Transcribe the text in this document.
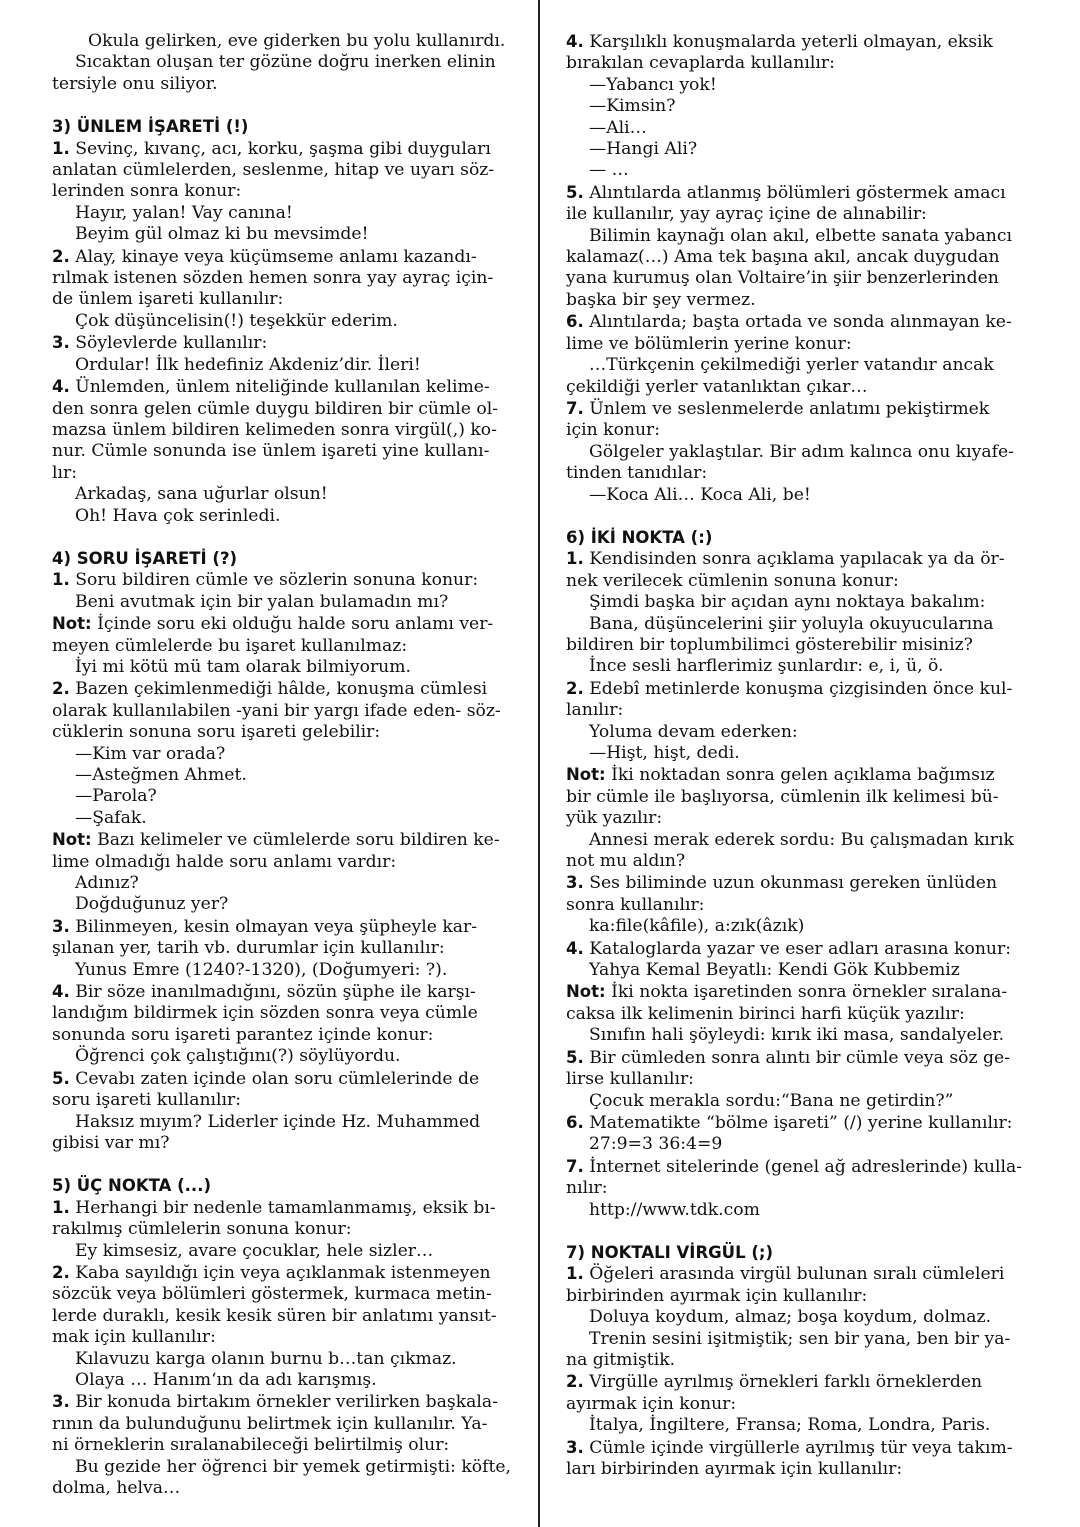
Okula gelirken, eve giderken bu yolu kullanırdı.
Sıcaktan oluşan ter gözüne doğru inerken elinin
tersiyle onu siliyor.
3) ÜNLEM İŞARETİ (!)
1. Sevinç, kıvanç, acı, korku, şaşma gibi duyguları
anlatan cümlelerden, seslenme, hitap ve uyarı söz-
lerinden sonra konur:
Hayır, yalan! Vay canına!
Beyim gül olmaz ki bu mevsimde!
2. Alay, kinaye veya küçümseme anlamı kazandı-
rılmak istenen sözden hemen sonra yay ayraç için-
de ünlem işareti kullanılır:
Çok düşüncelisin(!) teşekkür ederim.
3. Söylevlerde kullanılır:
Ordular! İlk hedefiniz Akdeniz’dir. İleri!
4. Ünlemden, ünlem niteliğinde kullanılan kelime-
den sonra gelen cümle duygu bildiren bir cümle ol-
mazsa ünlem bildiren kelimeden sonra virgül(,) ko-
nur. Cümle sonunda ise ünlem işareti yine kullanı-
lır:
Arkadaş, sana uğurlar olsun!
Oh! Hava çok serinledi.
4) SORU İŞARETİ (?)
1. Soru bildiren cümle ve sözlerin sonuna konur:
Beni avutmak için bir yalan bulamadın mı?
Not: İçinde soru eki olduğu halde soru anlamı ver-
meyen cümlelerde bu işaret kullanılmaz:
İyi mi kötü mü tam olarak bilmiyorum.
2. Bazen çekimlenmediği hâlde, konuşma cümlesi
olarak kullanılabilen -yani bir yargı ifade eden- söz-
cüklerin sonuna soru işareti gelebilir:
—Kim var orada?
—Asteğmen Ahmet.
—Parola?
—Şafak.
Not: Bazı kelimeler ve cümlelerde soru bildiren ke-
lime olmadığı halde soru anlamı vardır:
Adınız?
Doğduğunuz yer?
3. Bilinmeyen, kesin olmayan veya şüpheyle kar-
şılanan yer, tarih vb. durumlar için kullanılır:
Yunus Emre (1240?-1320), (Doğumyeri: ?).
4. Bir söze inanılmadığını, sözün şüphe ile karşı-
landığım bildirmek için sözden sonra veya cümle
sonunda soru işareti parantez içinde konur:
Öğrenci çok çalıştığını(?) söylüyordu.
5. Cevabı zaten içinde olan soru cümlelerinde de
soru işareti kullanılır:
Haksız mıyım? Liderler içinde Hz. Muhammed
gibisi var mı?
5) ÜÇ NOKTA (...)
1. Herhangi bir nedenle tamamlanmamış, eksik bı-
rakılmış cümlelerin sonuna konur:
Ey kimsesiz, avare çocuklar, hele sizler…
2. Kaba sayıldığı için veya açıklanmak istenmeyen
sözcük veya bölümleri göstermek, kurmaca metin-
lerde duraklı, kesik kesik süren bir anlatımı yansıt-
mak için kullanılır:
Kılavuzu karga olanın burnu b…tan çıkmaz.
Olaya … Hanım‘ın da adı karışmış.
3. Bir konuda birtakım örnekler verilirken başkala-
rının da bulunduğunu belirtmek için kullanılır. Ya-
ni örneklerin sıralanabileceği belirtilmiş olur:
Bu gezide her öğrenci bir yemek getirmişti: köfte,
dolma, helva…
4. Karşılıklı konuşmalarda yeterli olmayan, eksik
bırakılan cevaplarda kullanılır:
—Yabancı yok!
—Kimsin?
—Ali…
—Hangi Ali?
— …
5. Alıntılarda atlanmış bölümleri göstermek amacı
ile kullanılır, yay ayraç içine de alınabilir:
Bilimin kaynağı olan akıl, elbette sanata yabancı
kalamaz(…) Ama tek başına akıl, ancak duygudan
yana kurumuş olan Voltaire’in şiir benzerlerinden
başka bir şey vermez.
6. Alıntılarda; başta ortada ve sonda alınmayan ke-
lime ve bölümlerin yerine konur:
…Türkçenin çekilmediği yerler vatandır ancak
çekildiği yerler vatanlıktan çıkar…
7. Ünlem ve seslenmelerde anlatımı pekiştirmek
için konur:
Gölgeler yaklaştılar. Bir adım kalınca onu kıyafe-
tinden tanıdılar:
—Koca Ali… Koca Ali, be!
6) İKİ NOKTA (:)
1. Kendisinden sonra açıklama yapılacak ya da ör-
nek verilecek cümlenin sonuna konur:
Şimdi başka bir açıdan aynı noktaya bakalım:
Bana, düşüncelerini şiir yoluyla okuyucularına
bildiren bir toplumbilimci gösterebilir misiniz?
İnce sesli harflerimiz şunlardır: e, i, ü, ö.
2. Edebî metinlerde konuşma çizgisinden önce kul-
lanılır:
Yoluma devam ederken:
—Hişt, hişt, dedi.
Not: İki noktadan sonra gelen açıklama bağımsız
bir cümle ile başlıyorsa, cümlenin ilk kelimesi bü-
yük yazılır:
Annesi merak ederek sordu: Bu çalışmadan kırık
not mu aldın?
3. Ses biliminde uzun okunması gereken ünlüden
sonra kullanılır:
ka:file(kâfile), a:zık(âzık)
4. Kataloglarda yazar ve eser adları arasına konur:
Yahya Kemal Beyatlı: Kendi Gök Kubbemiz
Not: İki nokta işaretinden sonra örnekler sıralana-
caksa ilk kelimenin birinci harfi küçük yazılır:
Sınıfın hali şöyleydi: kırık iki masa, sandalyeler.
5. Bir cümleden sonra alıntı bir cümle veya söz ge-
lirse kullanılır:
Çocuk merakla sordu:“Bana ne getirdin?”
6. Matematikte “bölme işareti” (/) yerine kullanılır:
27:9=3 36:4=9
7. İnternet sitelerinde (genel ağ adreslerinde) kulla-
nılır:
http://www.tdk.com
7) NOKTALI VİRGÜL (;)
1. Öğeleri arasında virgül bulunan sıralı cümleleri
birbirinden ayırmak için kullanılır:
Doluya koydum, almaz; boşa koydum, dolmaz.
Trenin sesini işitmiştik; sen bir yana, ben bir ya-
na gitmiştik.
2. Virgülle ayrılmış örnekleri farklı örneklerden
ayırmak için konur:
İtalya, İngiltere, Fransa; Roma, Londra, Paris.
3. Cümle içinde virgüllerle ayrılmış tür veya takım-
ları birbirinden ayırmak için kullanılır:
